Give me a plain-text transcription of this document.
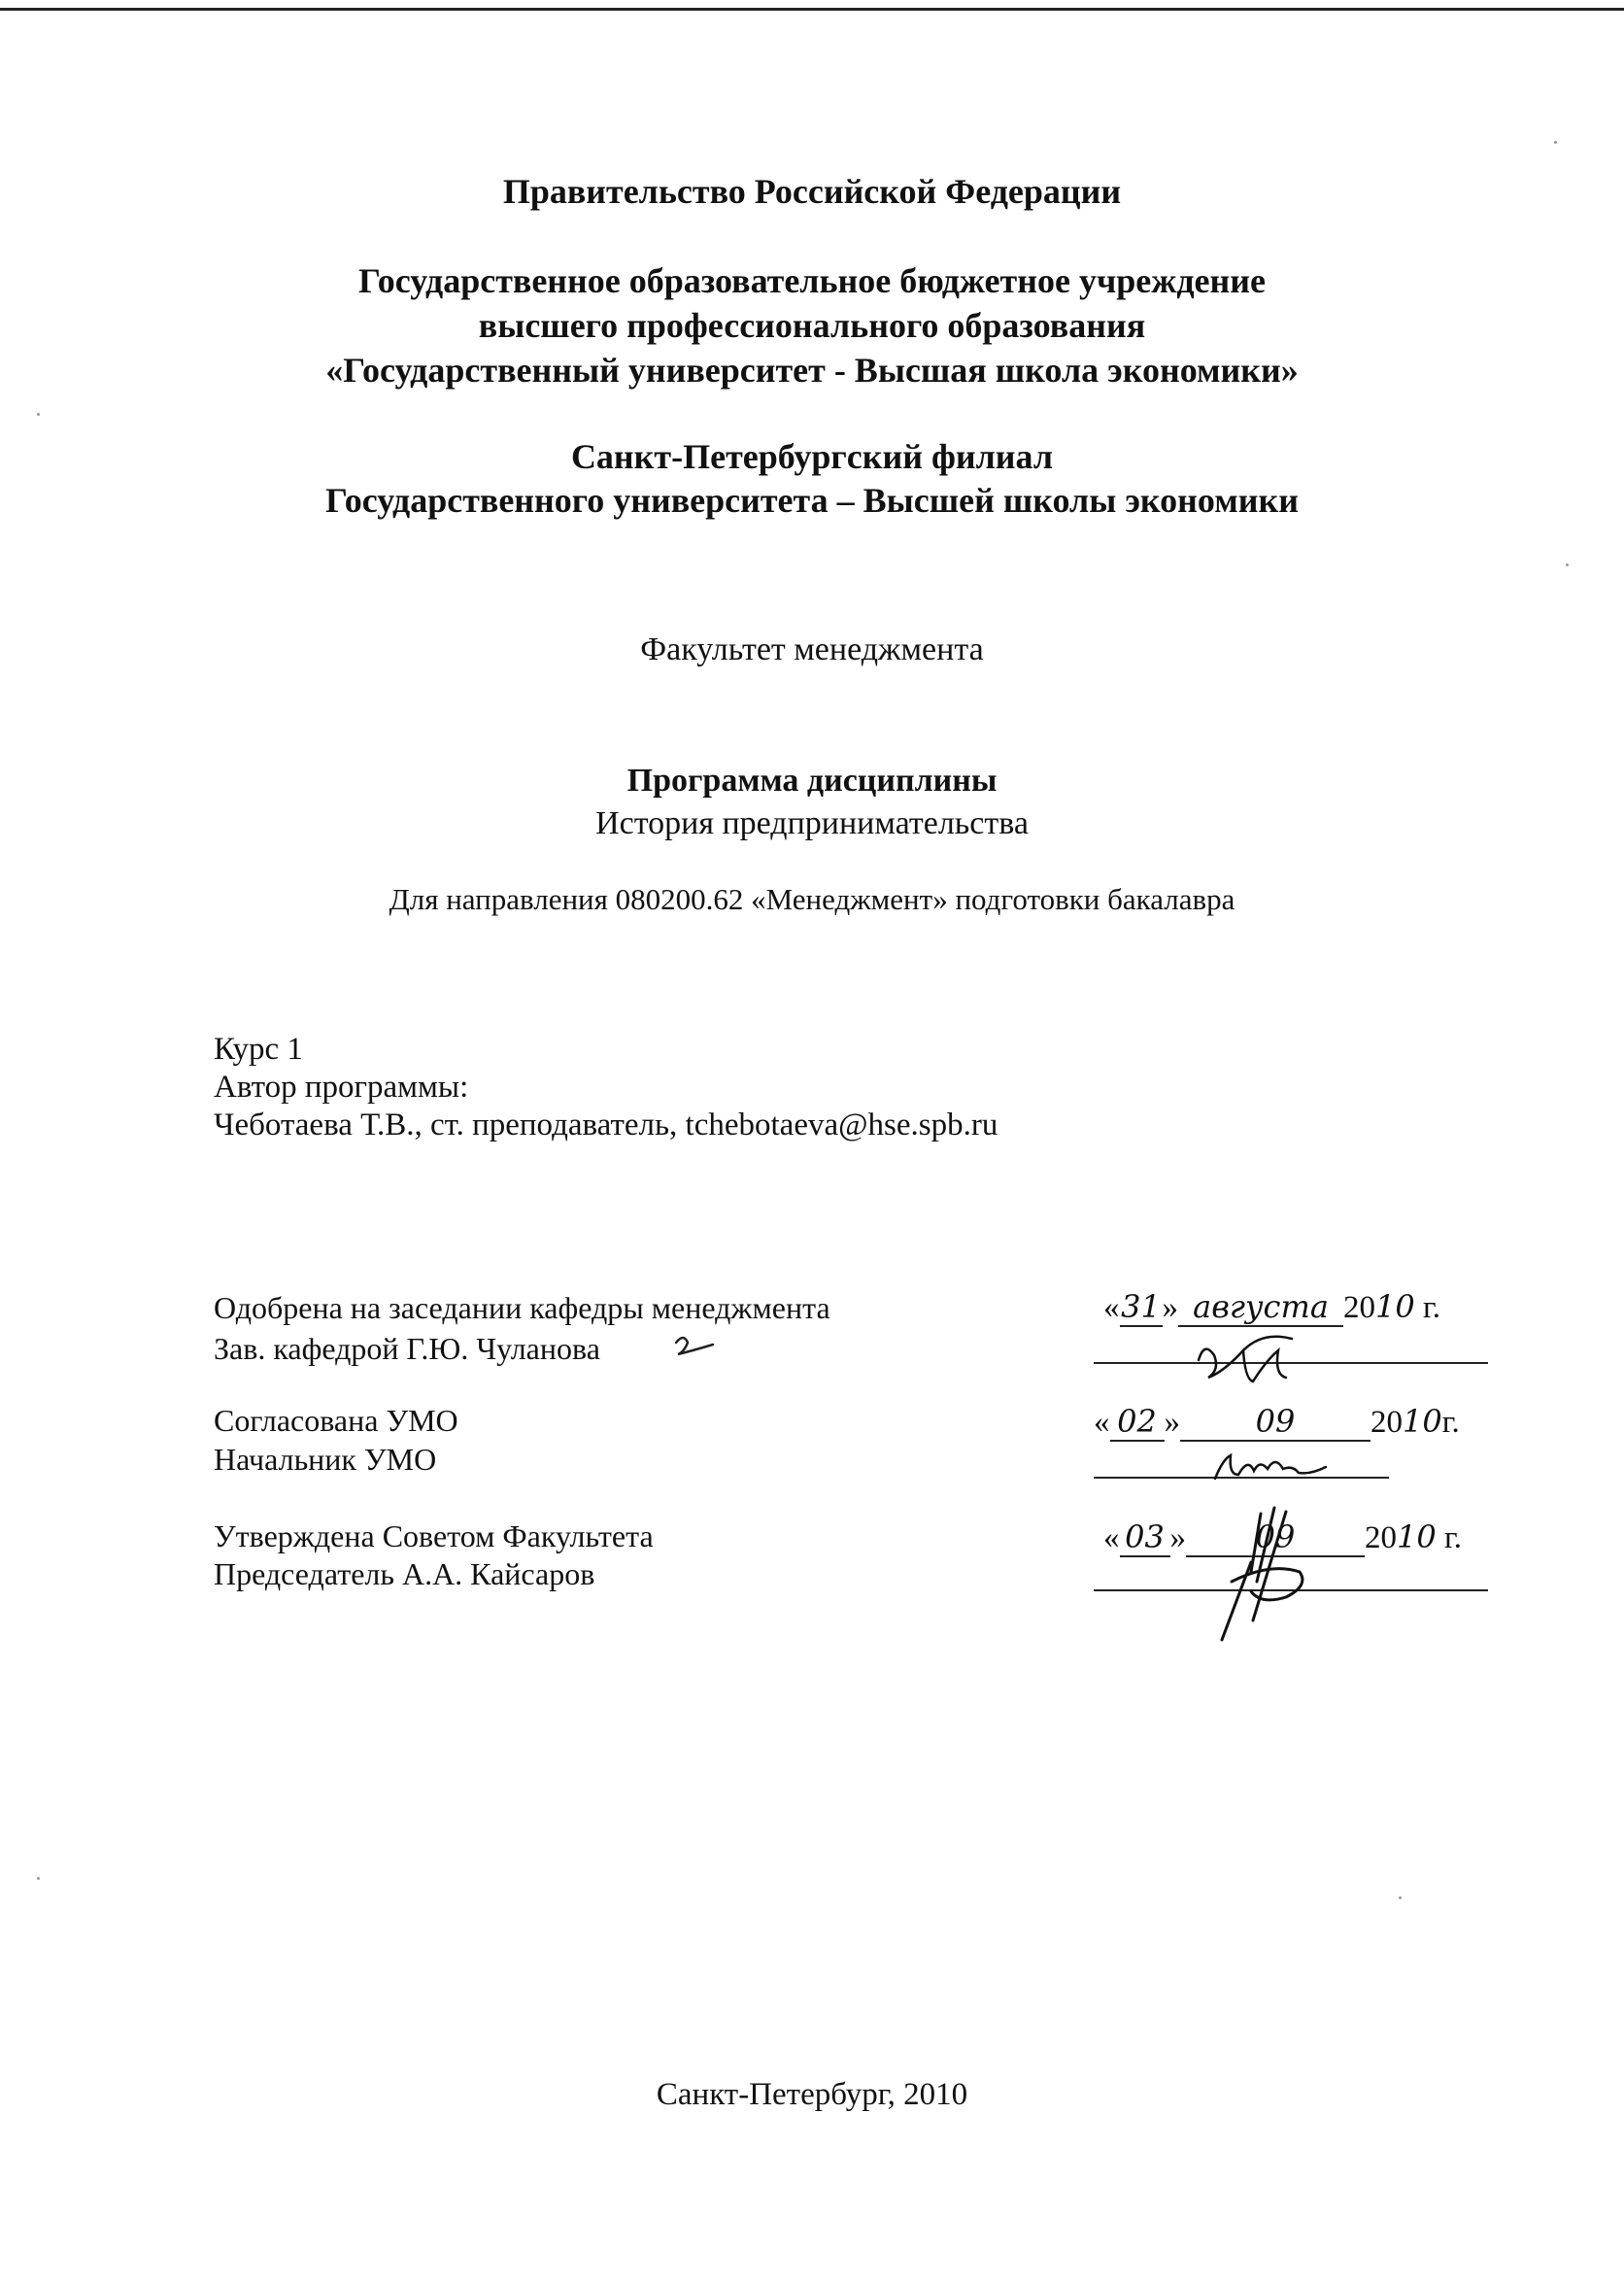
Правительство Российской Федерации
Государственное образовательное бюджетное учреждение
высшего профессионального образования
«Государственный университет - Высшая школа экономики»
Санкт-Петербургский филиал
Государственного университета – Высшей школы экономики
Факультет менеджмента
Программа дисциплины
История предпринимательства
Для направления 080200.62 «Менеджмент» подготовки бакалавра
Курс 1
Автор программы:
Чеботаева Т.В., ст. преподаватель, tchebotaeva@hse.spb.ru
Одобрена на заседании кафедры менеджмента
Зав. кафедрой Г.Ю. Чуланова
«31» августа 2010 г.
Согласована УМО
Начальник УМО
« 02 » 09 2010г.
Утверждена Советом Факультета
Председатель А.А. Кайсаров
« 03 » 09 2010 г.
Санкт-Петербург, 2010
